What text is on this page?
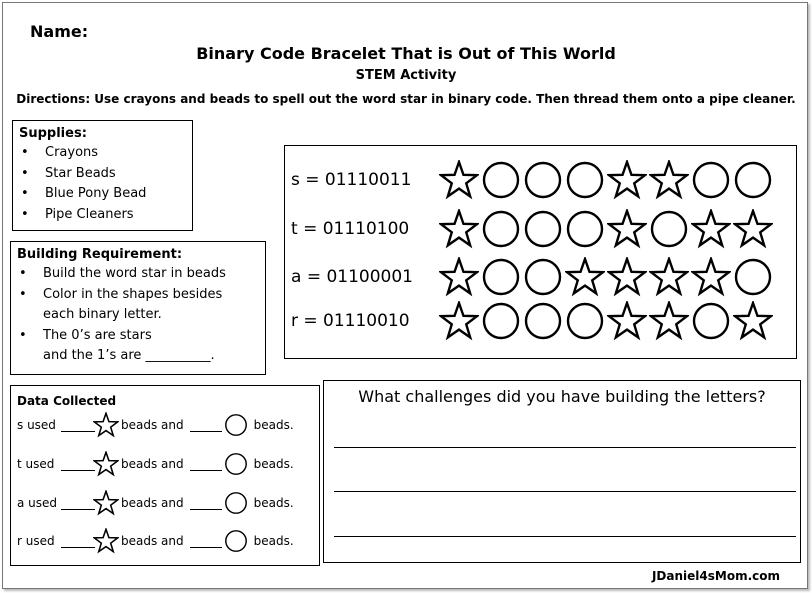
Name:
Binary Code Bracelet That is Out of This World
STEM Activity
Directions: Use crayons and beads to spell out the word star in binary code. Then thread them onto a pipe cleaner.
Supplies:
• Crayons
• Star Beads
• Blue Pony Bead
• Pipe Cleaners
Building Requirement:
• Build the word star in beads
• Color in the shapes besides
each binary letter.
• The 0’s are stars
and the 1’s are __________.
Data Collected
s used	beads and	beads.
t used	beads and	beads.
a used	beads and	beads.
r used	beads and	beads.
s = 01110011
t = 01110100
a = 01100001
r = 01110010
What challenges did you have building the letters?
JDaniel4sMom.com
